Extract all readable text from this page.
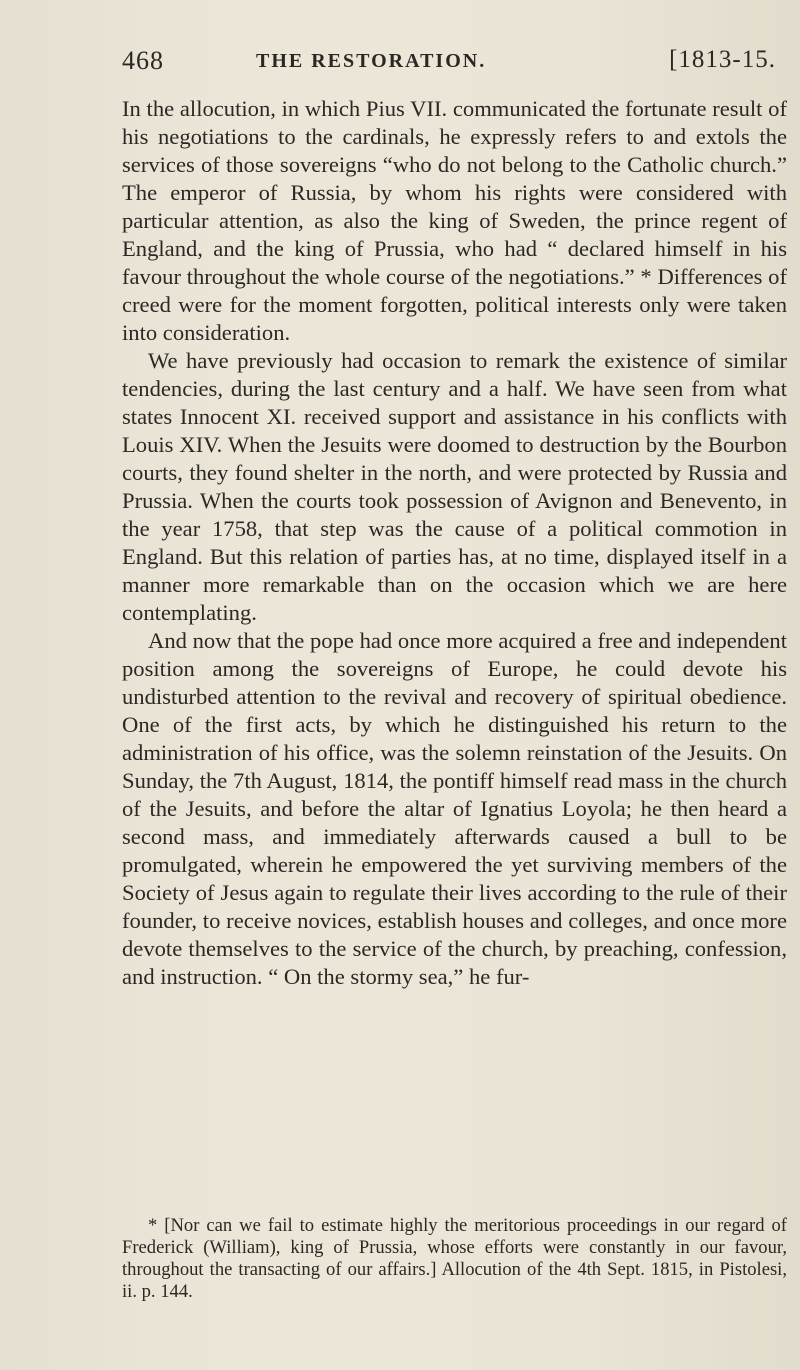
468	THE RESTORATION.	[1813-15.

In the allocution, in which Pius VII. communicated the fortunate result of his negotiations to the cardinals, he expressly refers to and extols the services of those sovereigns “who do not belong to the Catholic church.” The emperor of Russia, by whom his rights were considered with particular attention, as also the king of Sweden, the prince regent of England, and the king of Prussia, who had “ declared himself in his favour throughout the whole course of the negotiations.” * Differences of creed were for the moment forgotten, political interests only were taken into consideration.

We have previously had occasion to remark the existence of similar tendencies, during the last century and a half. We have seen from what states Innocent XI. received support and assistance in his conflicts with Louis XIV. When the Jesuits were doomed to destruction by the Bourbon courts, they found shelter in the north, and were protected by Russia and Prussia. When the courts took possession of Avignon and Benevento, in the year 1758, that step was the cause of a political commotion in England. But this relation of parties has, at no time, displayed itself in a manner more remarkable than on the occasion which we are here contemplating.

And now that the pope had once more acquired a free and independent position among the sovereigns of Europe, he could devote his undisturbed attention to the revival and recovery of spiritual obedience. One of the first acts, by which he distinguished his return to the administration of his office, was the solemn reinstation of the Jesuits. On Sunday, the 7th August, 1814, the pontiff himself read mass in the church of the Jesuits, and before the altar of Ignatius Loyola; he then heard a second mass, and immediately afterwards caused a bull to be promulgated, wherein he empowered the yet surviving members of the Society of Jesus again to regulate their lives according to the rule of their founder, to receive novices, establish houses and colleges, and once more devote themselves to the service of the church, by preaching, confession, and instruction. “ On the stormy sea,” he fur-

* [Nor can we fail to estimate highly the meritorious proceedings in our regard of Frederick (William), king of Prussia, whose efforts were constantly in our favour, throughout the transacting of our affairs.] Allocution of the 4th Sept. 1815, in Pistolesi, ii. p. 144.
